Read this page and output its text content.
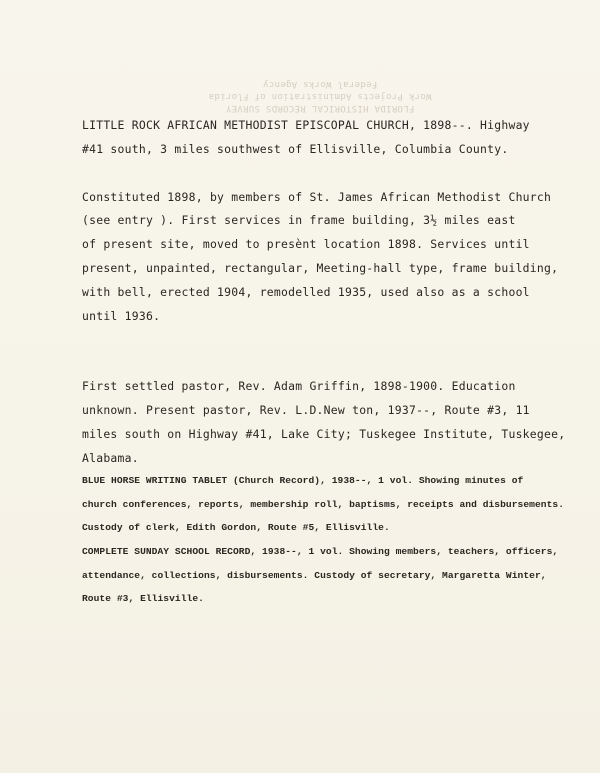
FLORIDA HISTORICAL RECORDS SURVEY
Work Projects Administration of Florida
Federal Works Agency
LITTLE ROCK AFRICAN METHODIST EPISCOPAL CHURCH, 1898--. Highway
#41 south, 3 miles southwest of Ellisville, Columbia County.
Constituted 1898, by members of St. James African Methodist Church
(see entry ). First services in frame building, 3½ miles east
of present site, moved to presènt location 1898. Services until
present, unpainted, rectangular, Meeting-hall type, frame building,
with bell, erected 1904, remodelled 1935, used also as a school
until 1936.
First settled pastor, Rev. Adam Griffin, 1898-1900. Education
unknown. Present pastor, Rev. L.D.New ton, 1937--, Route #3, 11
miles south on Highway #41, Lake City; Tuskegee Institute, Tuskegee,
Alabama.
BLUE HORSE WRITING TABLET (Church Record), 1938--, 1 vol. Showing minutes of
church conferences, reports, membership roll, baptisms, receipts and disbursements.
Custody of clerk, Edith Gordon, Route #5, Ellisville.
COMPLETE SUNDAY SCHOOL RECORD, 1938--, 1 vol. Showing members, teachers, officers,
attendance, collections, disbursements. Custody of secretary, Margaretta Winter,
Route #3, Ellisville.
